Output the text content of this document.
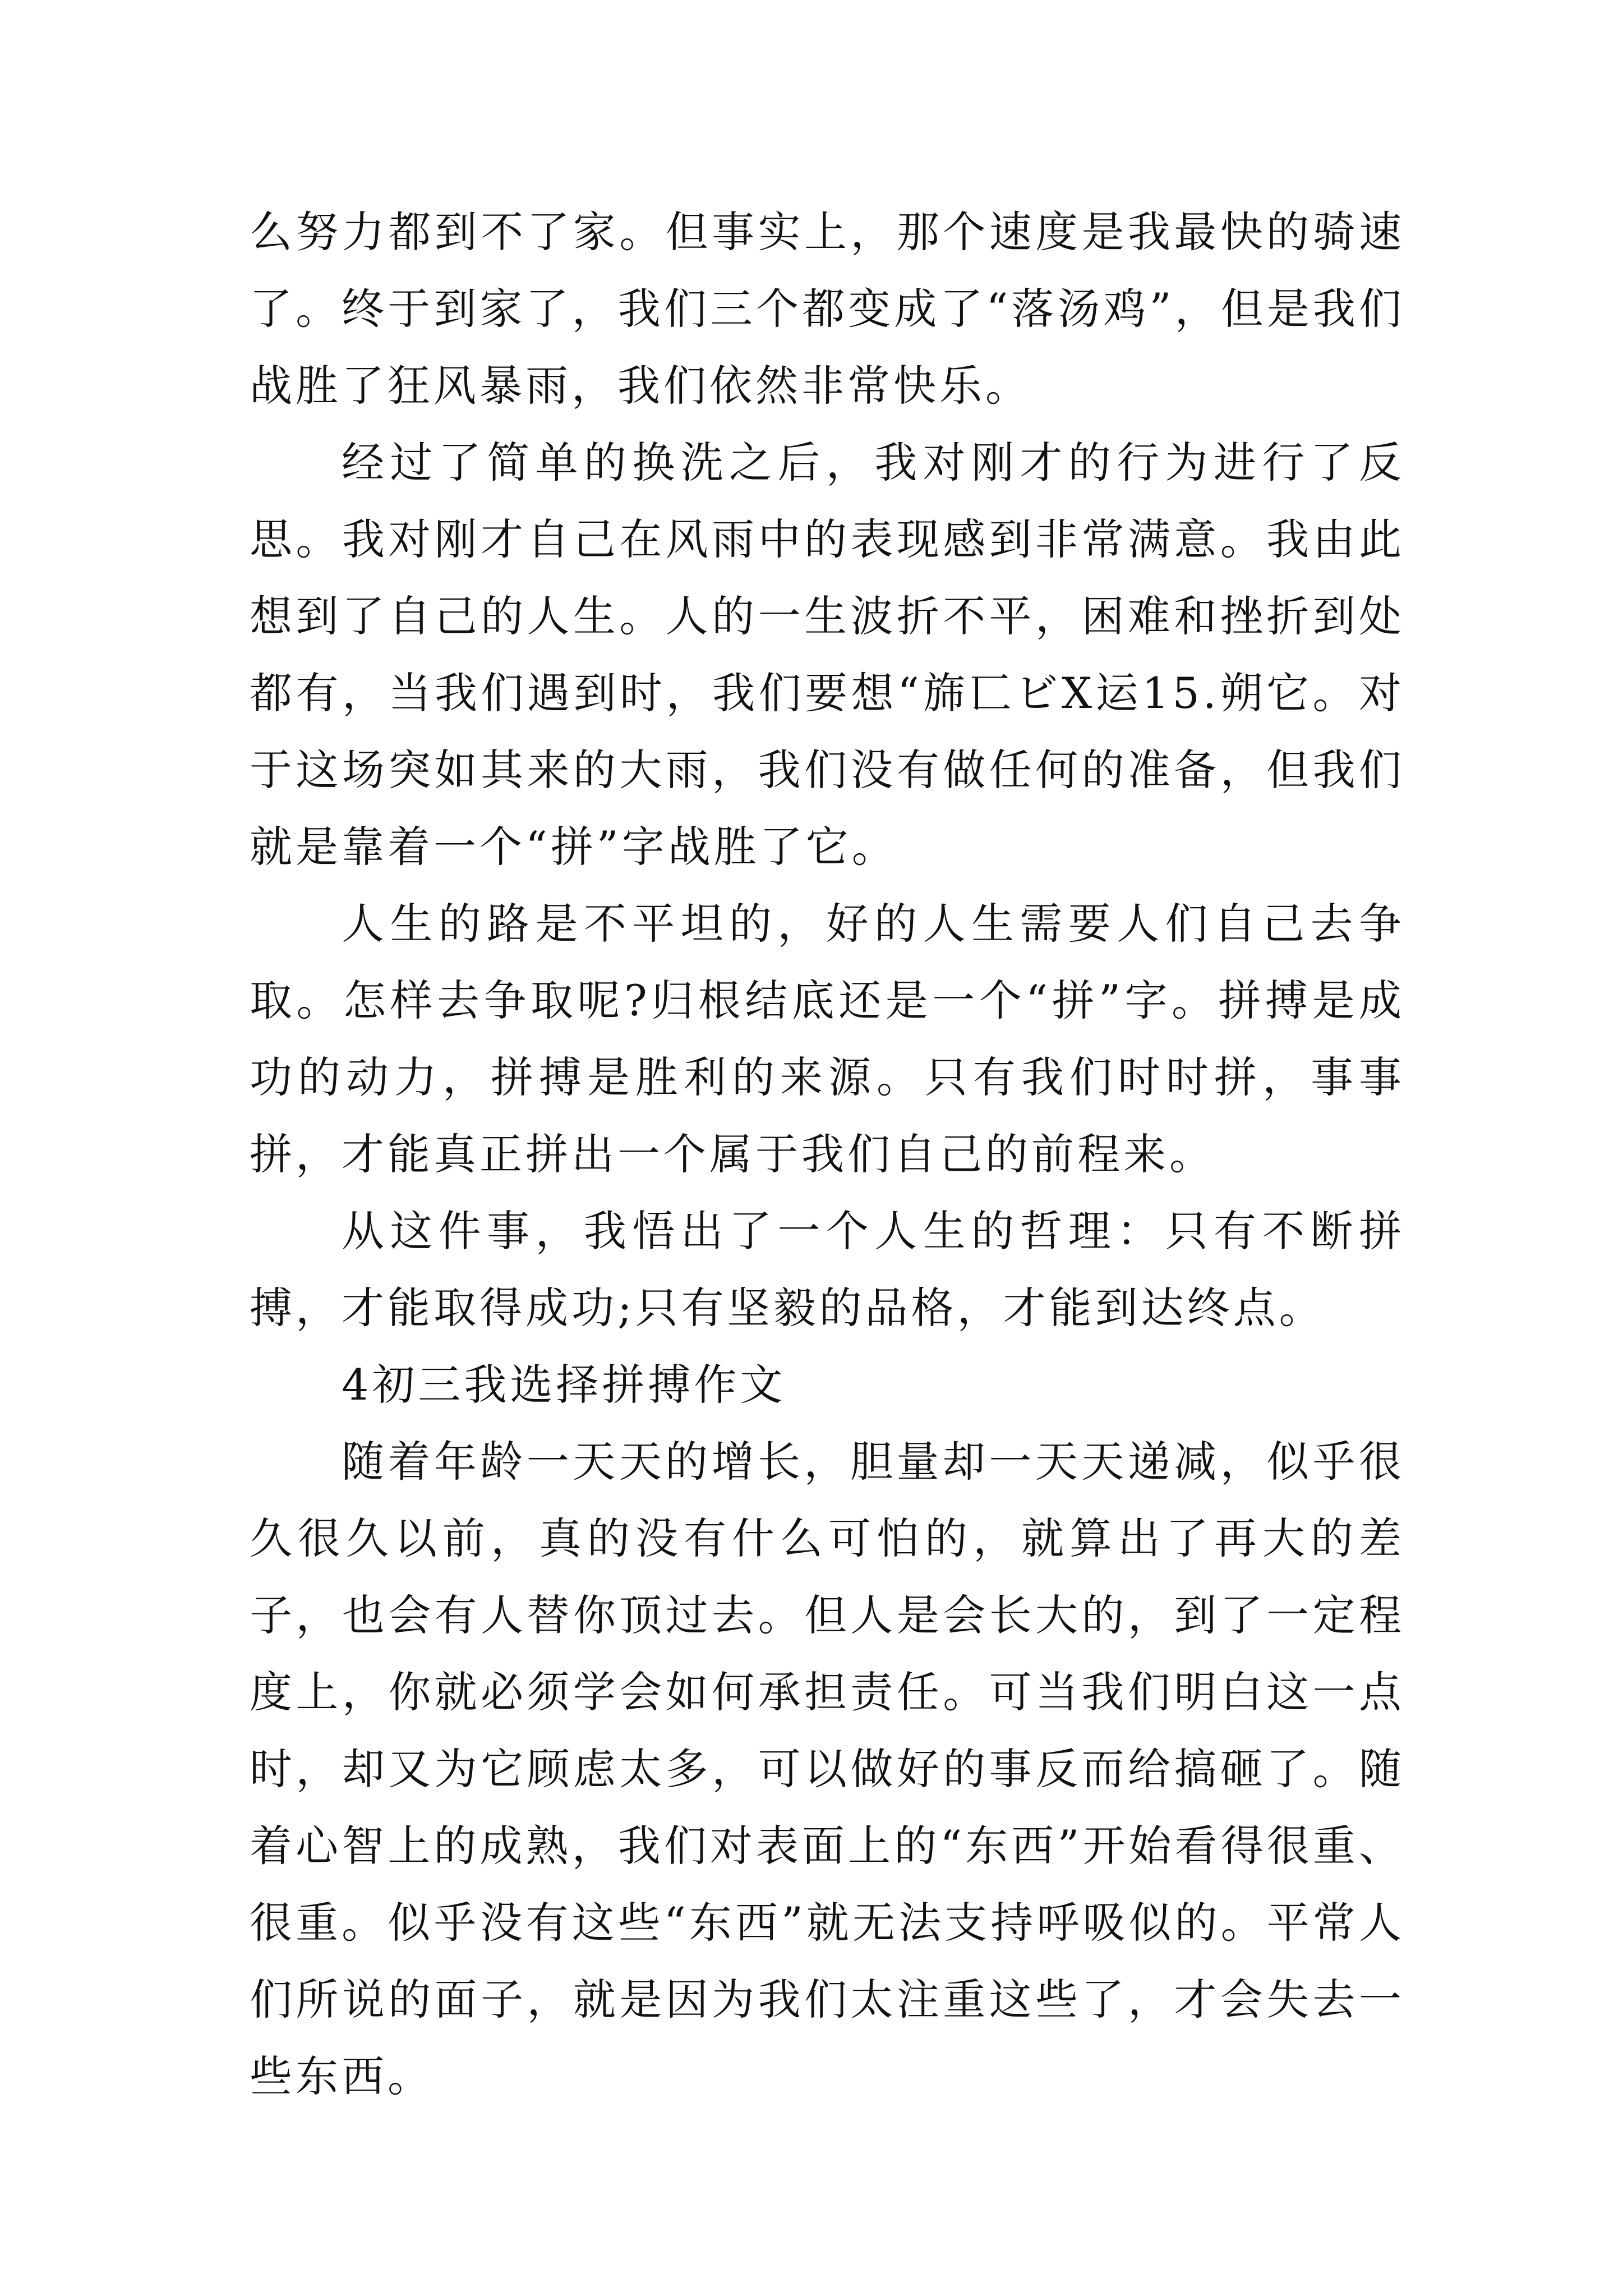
么努力都到不了家。但事实上，那个速度是我最快的骑速了。终于到家了，我们三个都变成了“落汤鸡”，但是我们战胜了狂风暴雨，我们依然非常快乐。

经过了简单的换洗之后，我对刚才的行为进行了反思。我对刚才自己在风雨中的表现感到非常满意。我由此想到了自己的人生。人的一生波折不平，困难和挫折到处都有，当我们遇到时，我们要想“旆匸ビX运15.朔它。对于这场突如其来的大雨，我们没有做任何的准备，但我们就是靠着一个“拼”字战胜了它。

人生的路是不平坦的，好的人生需要人们自己去争取。怎样去争取呢?归根结底还是一个“拼”字。拼搏是成功的动力，拼搏是胜利的来源。只有我们时时拼，事事拼，才能真正拼出一个属于我们自己的前程来。

从这件事，我悟出了一个人生的哲理：只有不断拼搏，才能取得成功;只有坚毅的品格，才能到达终点。

4初三我选择拼搏作文

随着年龄一天天的增长，胆量却一天天递减，似乎很久很久以前，真的没有什么可怕的，就算出了再大的差子，也会有人替你顶过去。但人是会长大的，到了一定程度上，你就必须学会如何承担责任。可当我们明白这一点时，却又为它顾虑太多，可以做好的事反而给搞砸了。随着心智上的成熟，我们对表面上的“东西”开始看得很重、很重。似乎没有这些“东西”就无法支持呼吸似的。平常人们所说的面子，就是因为我们太注重这些了，才会失去一些东西。
